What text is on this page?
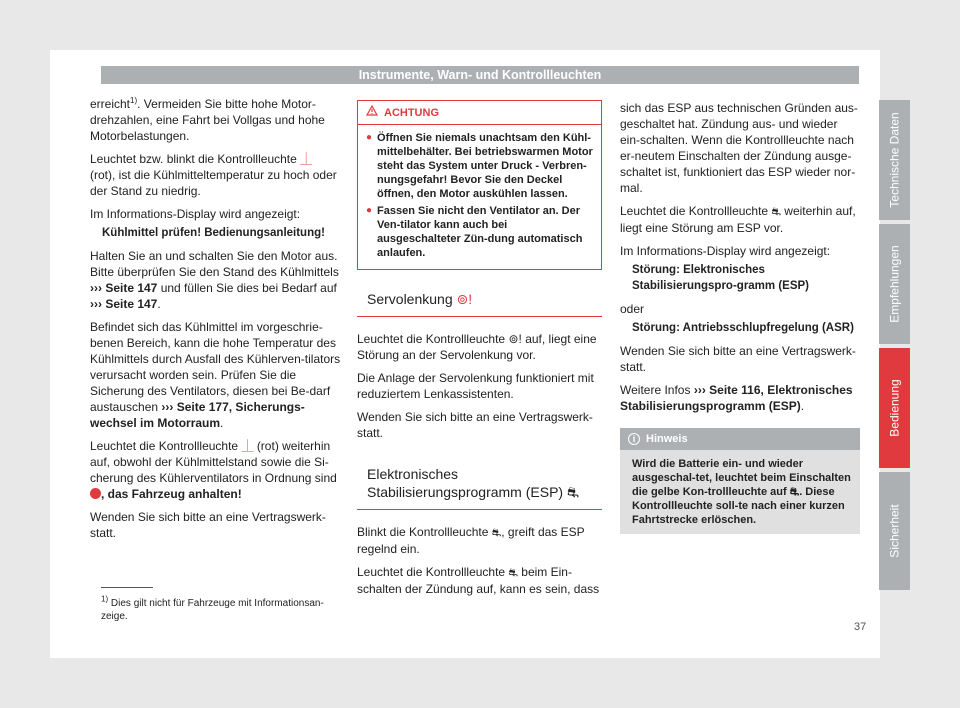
Instrumente, Warn- und Kontrollleuchten

erreicht$^{1)}$. Vermeiden Sie bitte hohe Motor-drehzahlen, eine Fahrt bei Vollgas und hohe Motorbelastungen.

Leuchtet bzw. blinkt die Kontrollleuchte ⏊
(rot), ist die Kühlmitteltemperatur zu hoch oder der Stand zu niedrig.

Im Informations-Display wird angezeigt:

Kühlmittel prüfen! Bedienungsanleitung!

Halten Sie an und schalten Sie den Motor aus. Bitte überprüfen Sie den Stand des Kühlmittels ››› Seite 147 und füllen Sie dies bei Bedarf auf ››› Seite 147.

Befindet sich das Kühlmittel im vorgeschrie-benen Bereich, kann die hohe Temperatur des Kühlmittels durch Ausfall des Kühlerven-tilators verursacht worden sein. Prüfen Sie die Sicherung des Ventilators, diesen bei Be-darf austauschen ››› Seite 177, Sicherungs-wechsel im Motorraum.

Leuchtet die Kontrollleuchte ⏊ (rot) weiterhin auf, obwohl der Kühlmittelstand sowie die Si-cherung des Kühlerventilators in Ordnung sind , das Fahrzeug anhalten!

Wenden Sie sich bitte an eine Vertragswerk-statt.

ACHTUNG
● Öffnen Sie niemals unachtsam den Kühl-mittelbehälter. Bei betriebswarmen Motor steht das System unter Druck - Verbren-nungsgefahr! Bevor Sie den Deckel öffnen, den Motor auskühlen lassen.
● Fassen Sie nicht den Ventilator an. Der Ven-tilator kann auch bei ausgeschalteter Zün-dung automatisch anlaufen.
Servolenkung ⊚!

Leuchtet die Kontrollleuchte ⊚! auf, liegt eine Störung an der Servolenkung vor.

Die Anlage der Servolenkung funktioniert mit reduziertem Lenkassistenten.

Wenden Sie sich bitte an eine Vertragswerk-statt.

Elektronisches Stabilisierungsprogramm (ESP) ⛐

Blinkt die Kontrollleuchte ⛐, greift das ESP regelnd ein.

Leuchtet die Kontrollleuchte ⛐ beim Ein-schalten der Zündung auf, kann es sein, dass

sich das ESP aus technischen Gründen aus-geschaltet hat. Zündung aus- und wieder ein-schalten. Wenn die Kontrollleuchte nach er-neutem Einschalten der Zündung ausge-schaltet ist, funktioniert das ESP wieder nor-mal.

Leuchtet die Kontrollleuchte ⛐ weiterhin auf, liegt eine Störung am ESP vor.

Im Informations-Display wird angezeigt:

Störung: Elektronisches Stabilisierungspro-gramm (ESP)

oder

Störung: Antriebsschlupfregelung (ASR)

Wenden Sie sich bitte an eine Vertragswerk-statt.

Weitere Infos ››› Seite 116, Elektronisches Stabilisierungsprogramm (ESP).

i Hinweis
Wird die Batterie ein- und wieder ausgeschal-tet, leuchtet beim Einschalten die gelbe Kon-trollleuchte auf ⛐. Diese Kontrollleuchte soll-te nach einer kurzen Fahrtstrecke erlöschen.
$^{1)}$ Dies gilt nicht für Fahrzeuge mit Informationsan-zeige.
37
Technische Daten
Empfehlungen
Bedienung
Sicherheit
